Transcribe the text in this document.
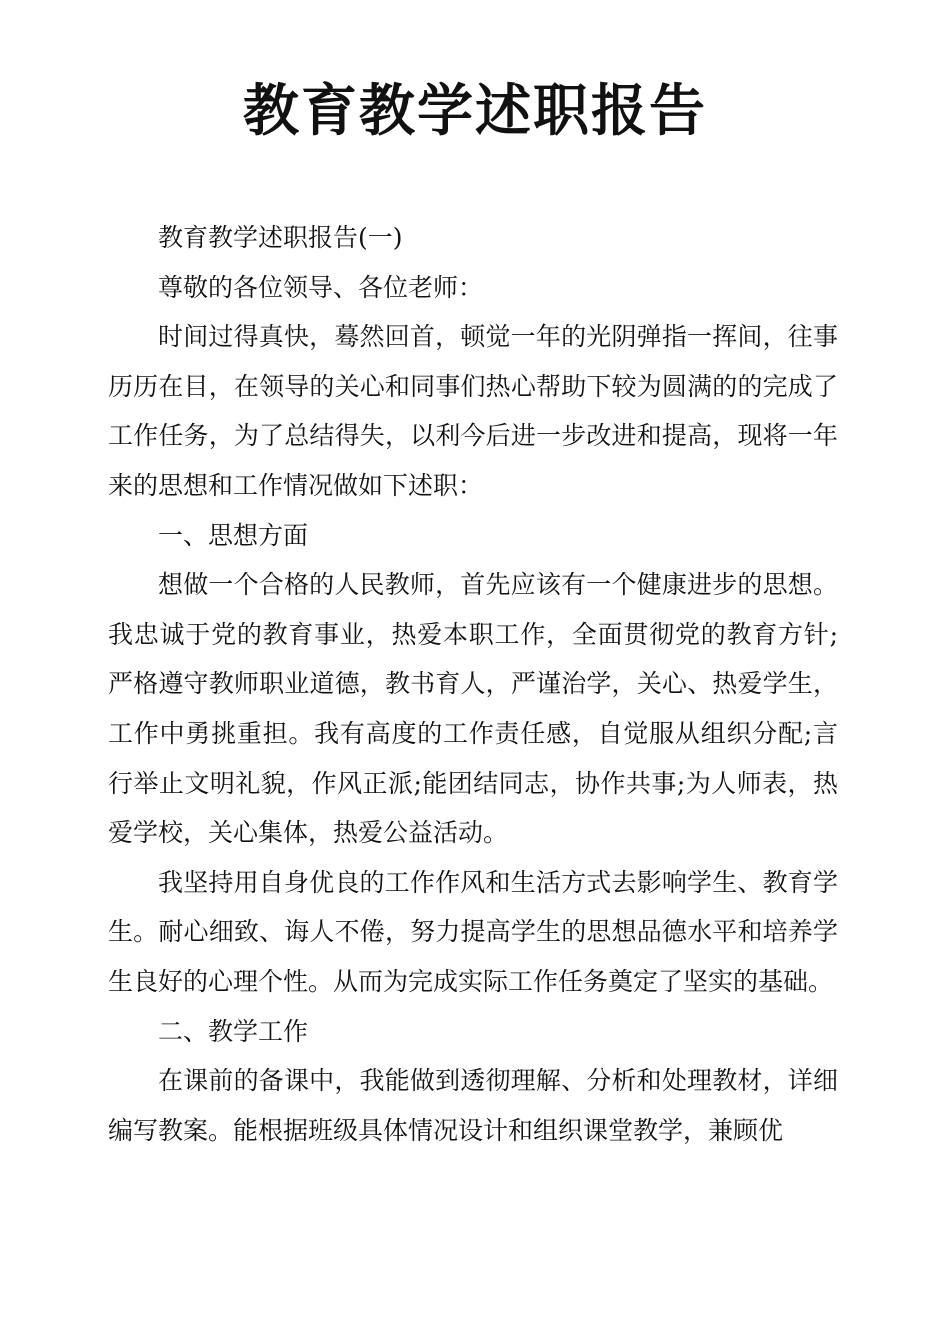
教育教学述职报告

教育教学述职报告(一)

尊敬的各位领导、各位老师：

时间过得真快，蓦然回首，顿觉一年的光阴弹指一挥间，往事历历在目，在领导的关心和同事们热心帮助下较为圆满的的完成了工作任务，为了总结得失，以利今后进一步改进和提高，现将一年来的思想和工作情况做如下述职：

一、思想方面

想做一个合格的人民教师，首先应该有一个健康进步的思想。我忠诚于党的教育事业，热爱本职工作，全面贯彻党的教育方针;严格遵守教师职业道德，教书育人，严谨治学，关心、热爱学生，工作中勇挑重担。我有高度的工作责任感，自觉服从组织分配;言行举止文明礼貌，作风正派;能团结同志，协作共事;为人师表，热爱学校，关心集体，热爱公益活动。

我坚持用自身优良的工作作风和生活方式去影响学生、教育学生。耐心细致、诲人不倦，努力提高学生的思想品德水平和培养学生良好的心理个性。从而为完成实际工作任务奠定了坚实的基础。

二、教学工作

在课前的备课中，我能做到透彻理解、分析和处理教材，详细编写教案。能根据班级具体情况设计和组织课堂教学，兼顾优
